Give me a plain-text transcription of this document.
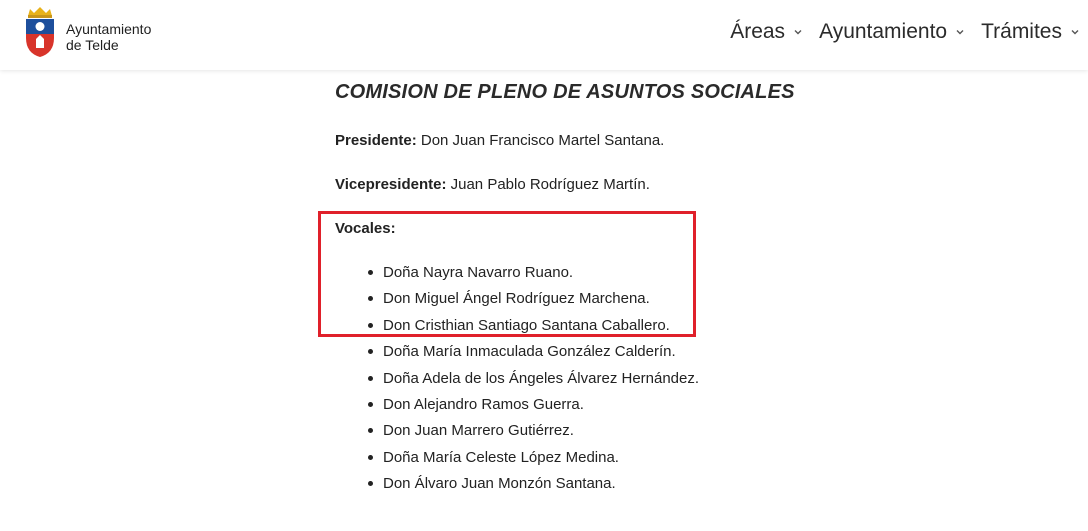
Ayuntamiento
de Telde
Áreas Ayuntamiento Trámites
COMISION DE PLENO DE ASUNTOS SOCIALES
Presidente: Don Juan Francisco Martel Santana.
Vicepresidente: Juan Pablo Rodríguez Martín.
Vocales:
Doña Nayra Navarro Ruano.
Don Miguel Ángel Rodríguez Marchena.
Don Cristhian Santiago Santana Caballero.
Doña María Inmaculada González Calderín.
Doña Adela de los Ángeles Álvarez Hernández.
Don Alejandro Ramos Guerra.
Don Juan Marrero Gutiérrez.
Doña María Celeste López Medina.
Don Álvaro Juan Monzón Santana.
